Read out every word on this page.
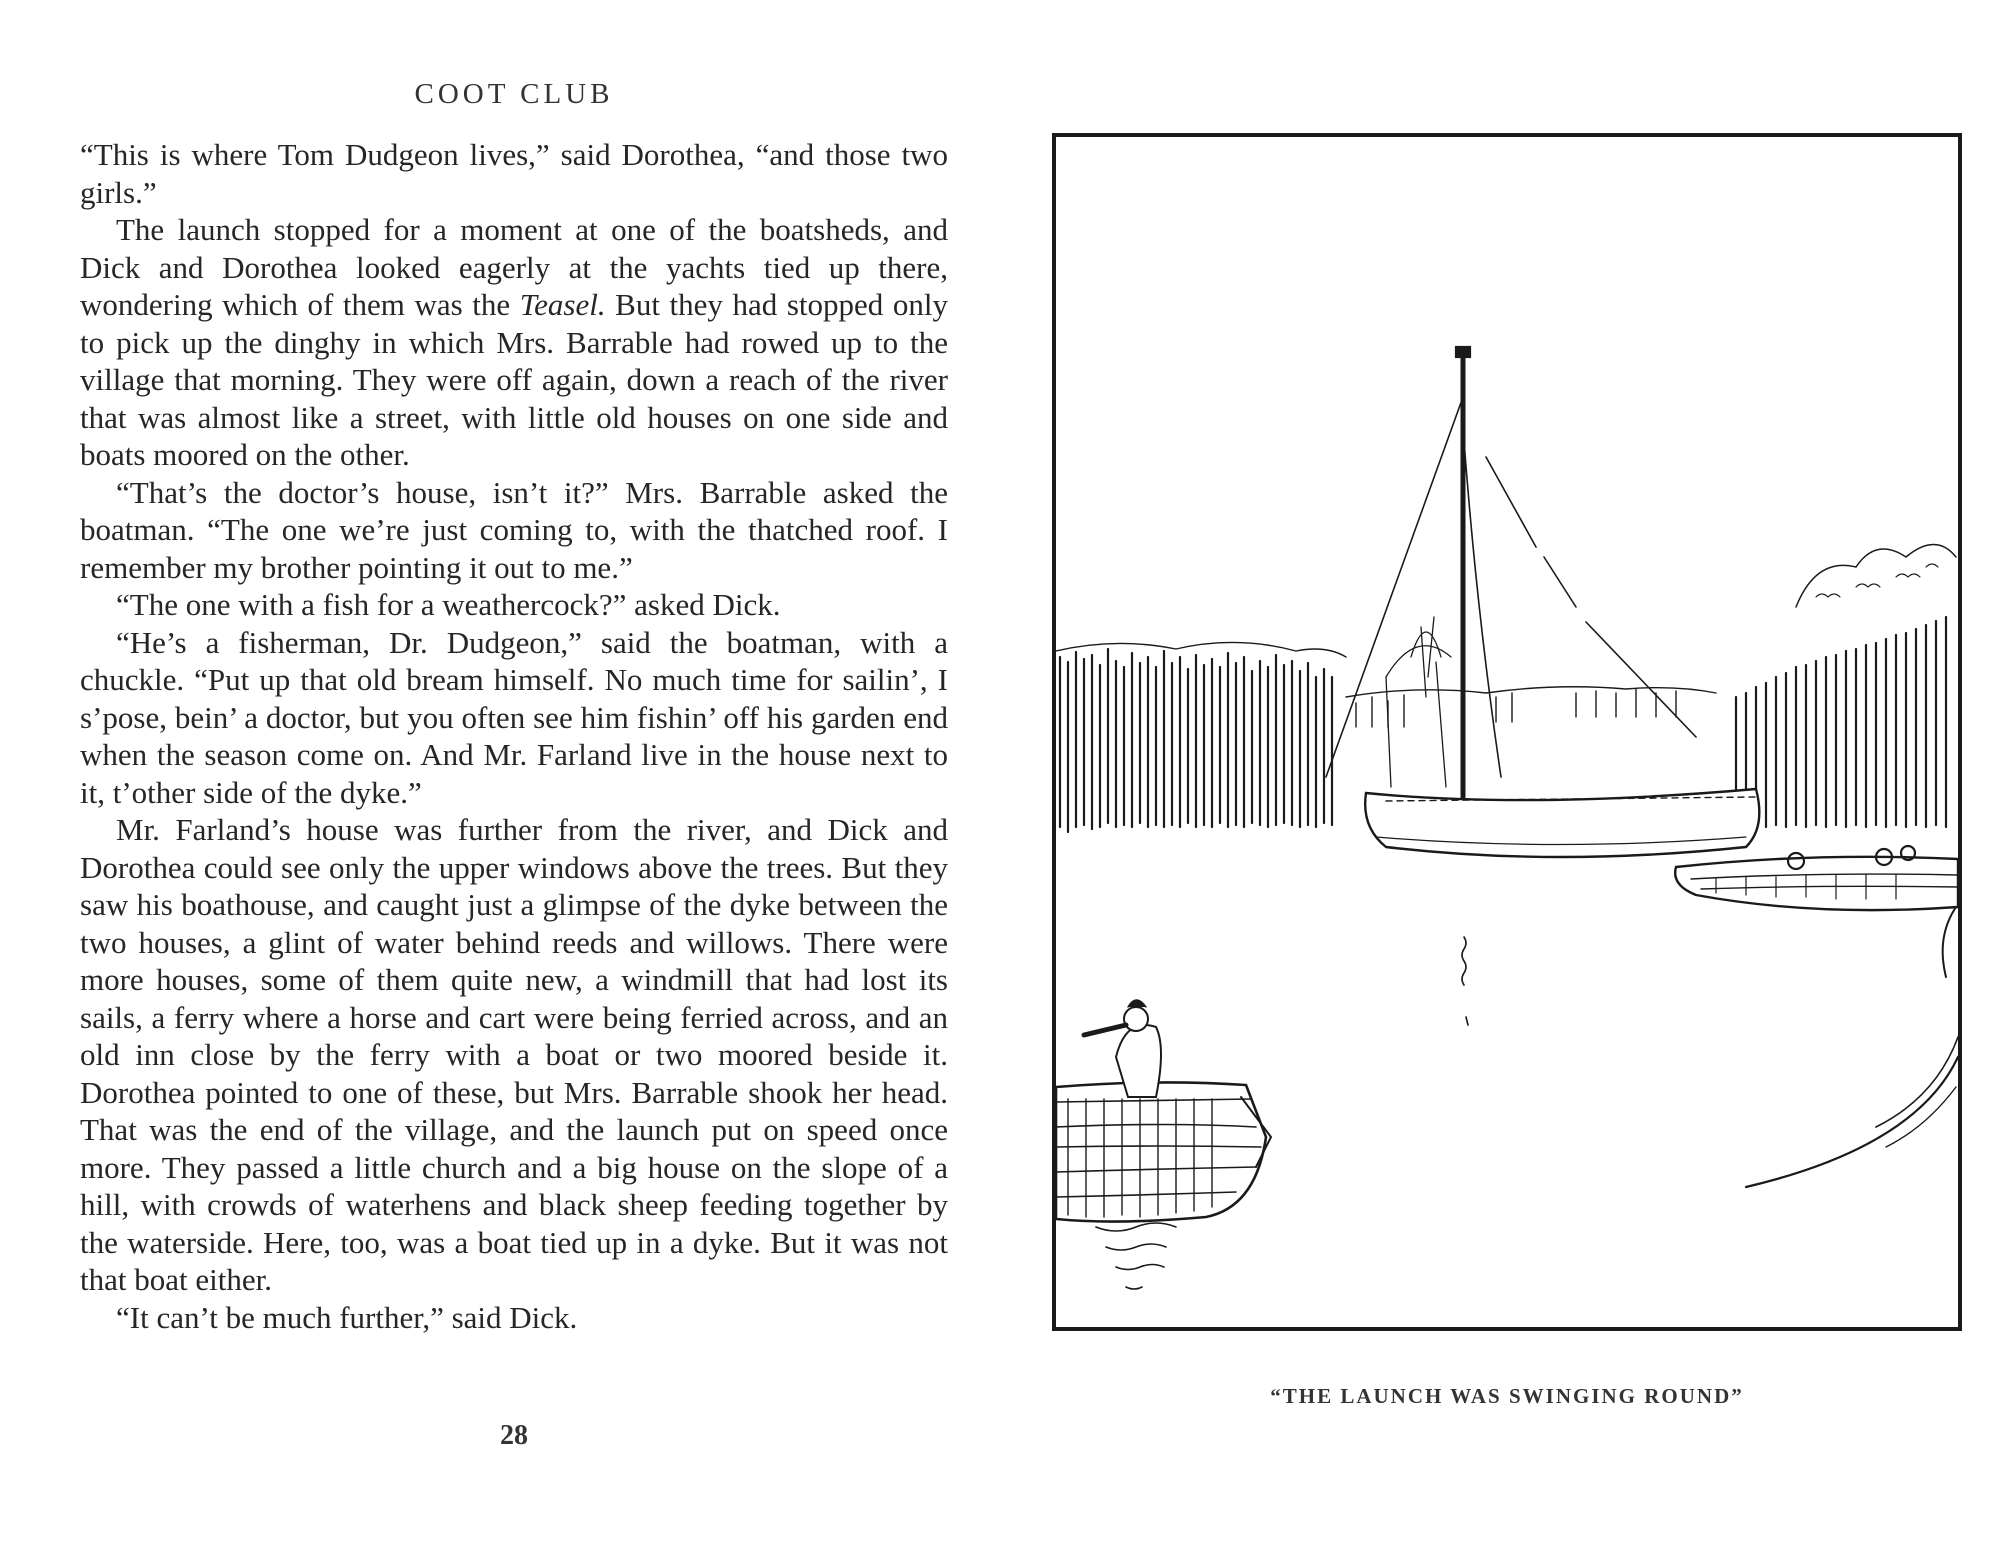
COOT CLUB

“This is where Tom Dudgeon lives,” said Dorothea, “and those two girls.”

The launch stopped for a moment at one of the boatsheds, and Dick and Dorothea looked eagerly at the yachts tied up there, wondering which of them was the Teasel. But they had stopped only to pick up the dinghy in which Mrs. Barrable had rowed up to the village that morning. They were off again, down a reach of the river that was almost like a street, with little old houses on one side and boats moored on the other.

“That’s the doctor’s house, isn’t it?” Mrs. Barrable asked the boatman. “The one we’re just coming to, with the thatched roof. I remember my brother pointing it out to me.”

“The one with a fish for a weathercock?” asked Dick.

“He’s a fisherman, Dr. Dudgeon,” said the boatman, with a chuckle. “Put up that old bream himself. No much time for sailin’, I s’pose, bein’ a doctor, but you often see him fishin’ off his garden end when the season come on. And Mr. Farland live in the house next to it, t’other side of the dyke.”

Mr. Farland’s house was further from the river, and Dick and Dorothea could see only the upper windows above the trees. But they saw his boathouse, and caught just a glimpse of the dyke between the two houses, a glint of water behind reeds and willows. There were more houses, some of them quite new, a windmill that had lost its sails, a ferry where a horse and cart were being ferried across, and an old inn close by the ferry with a boat or two moored beside it. Dorothea pointed to one of these, but Mrs. Barrable shook her head. That was the end of the village, and the launch put on speed once more. They passed a little church and a big house on the slope of a hill, with crowds of waterhens and black sheep feeding together by the waterside. Here, too, was a boat tied up in a dyke. But it was not that boat either.

“It can’t be much further,” said Dick.

28
“THE LAUNCH WAS SWINGING ROUND”
